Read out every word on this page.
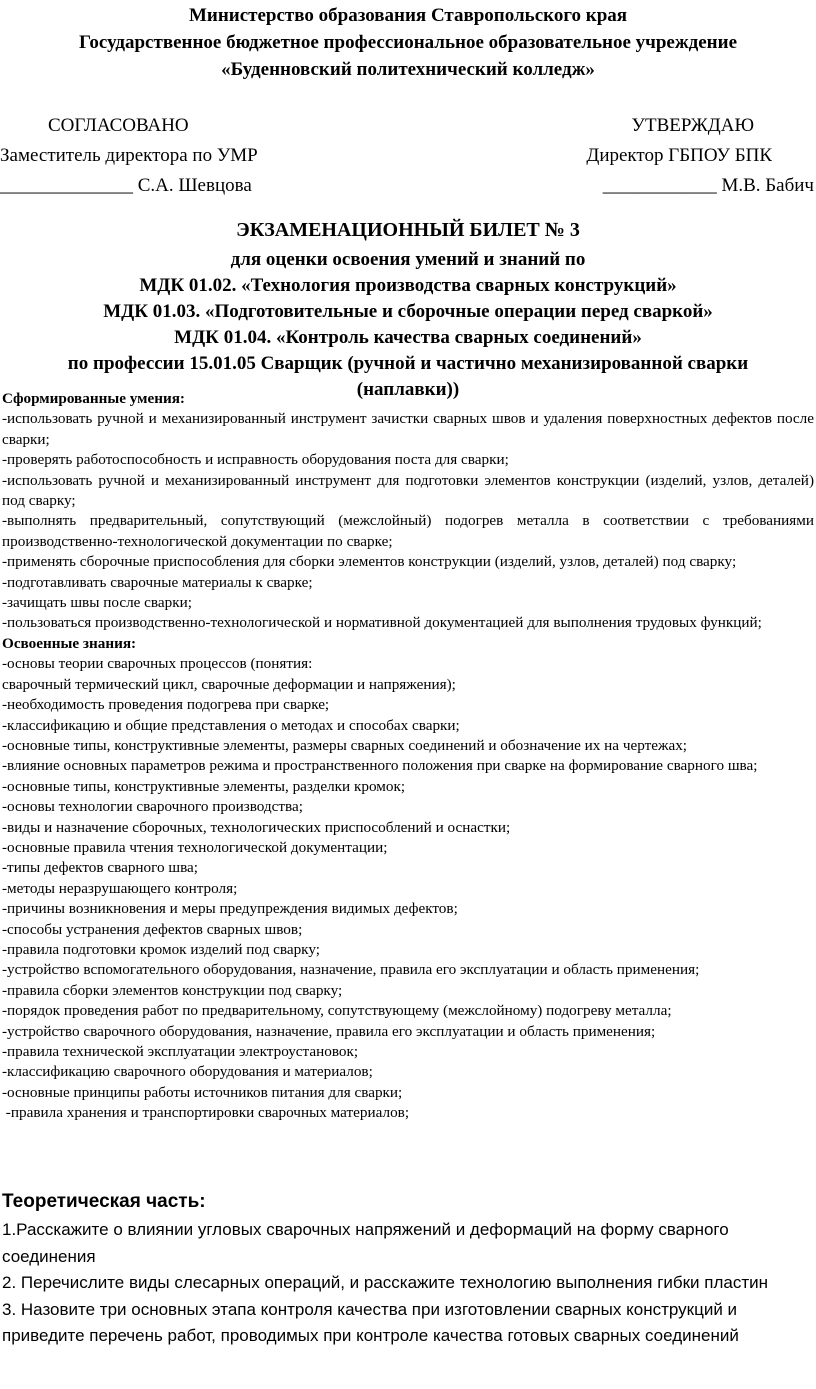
Министерство образования Ставропольского края
Государственное бюджетное профессиональное образовательное учреждение
«Буденновский политехнический колледж»
СОГЛАСОВАНО
Заместитель директора по УМР
______________ С.А. Шевцова
УТВЕРЖДАЮ
Директор ГБПОУ БПК
____________ М.В. Бабич
ЭКЗАМЕНАЦИОННЫЙ БИЛЕТ № 3
для оценки освоения умений и знаний по
МДК 01.02. «Технология производства сварных конструкций»
МДК 01.03. «Подготовительные и сборочные операции перед сваркой»
МДК 01.04. «Контроль качества сварных соединений»
по профессии 15.01.05 Сварщик (ручной и частично механизированной сварки
(наплавки))
Сформированные умения:
-использовать ручной и механизированный инструмент зачистки сварных швов и удаления поверхностных дефектов после сварки;
-проверять работоспособность и исправность оборудования поста для сварки;
-использовать ручной и механизированный инструмент для подготовки элементов конструкции (изделий, узлов, деталей) под сварку;
-выполнять предварительный, сопутствующий (межслойный) подогрев металла в соответствии с требованиями производственно-технологической документации по сварке;
-применять сборочные приспособления для сборки элементов конструкции (изделий, узлов, деталей) под сварку;
-подготавливать сварочные материалы к сварке;
-зачищать швы после сварки;
-пользоваться производственно-технологической и нормативной документацией для выполнения трудовых функций;
Освоенные знания:
-основы теории сварочных процессов (понятия:
сварочный термический цикл, сварочные деформации и напряжения);
-необходимость проведения подогрева при сварке;
-классификацию и общие представления о методах и способах сварки;
-основные типы, конструктивные элементы, размеры сварных соединений и обозначение их на чертежах;
-влияние основных параметров режима и пространственного положения при сварке на формирование сварного шва;
-основные типы, конструктивные элементы, разделки кромок;
-основы технологии сварочного производства;
-виды и назначение сборочных, технологических приспособлений и оснастки;
-основные правила чтения технологической документации;
-типы дефектов сварного шва;
-методы неразрушающего контроля;
-причины возникновения и меры предупреждения видимых дефектов;
-способы устранения дефектов сварных швов;
-правила подготовки кромок изделий под сварку;
-устройство вспомогательного оборудования, назначение, правила его эксплуатации и область применения;
-правила сборки элементов конструкции под сварку;
-порядок проведения работ по предварительному, сопутствующему (межслойному) подогреву металла;
-устройство сварочного оборудования, назначение, правила его эксплуатации и область применения;
-правила технической эксплуатации электроустановок;
-классификацию сварочного оборудования и материалов;
-основные принципы работы источников питания для сварки;
-правила хранения и транспортировки сварочных материалов;
Теоретическая часть:
1.Расскажите о влиянии угловых сварочных напряжений и деформаций на форму сварного соединения
2. Перечислите виды слесарных операций, и расскажите технологию выполнения гибки пластин
3. Назовите три основных этапа контроля качества при изготовлении сварных конструкций и приведите перечень работ, проводимых при контроле качества готовых сварных соединений
